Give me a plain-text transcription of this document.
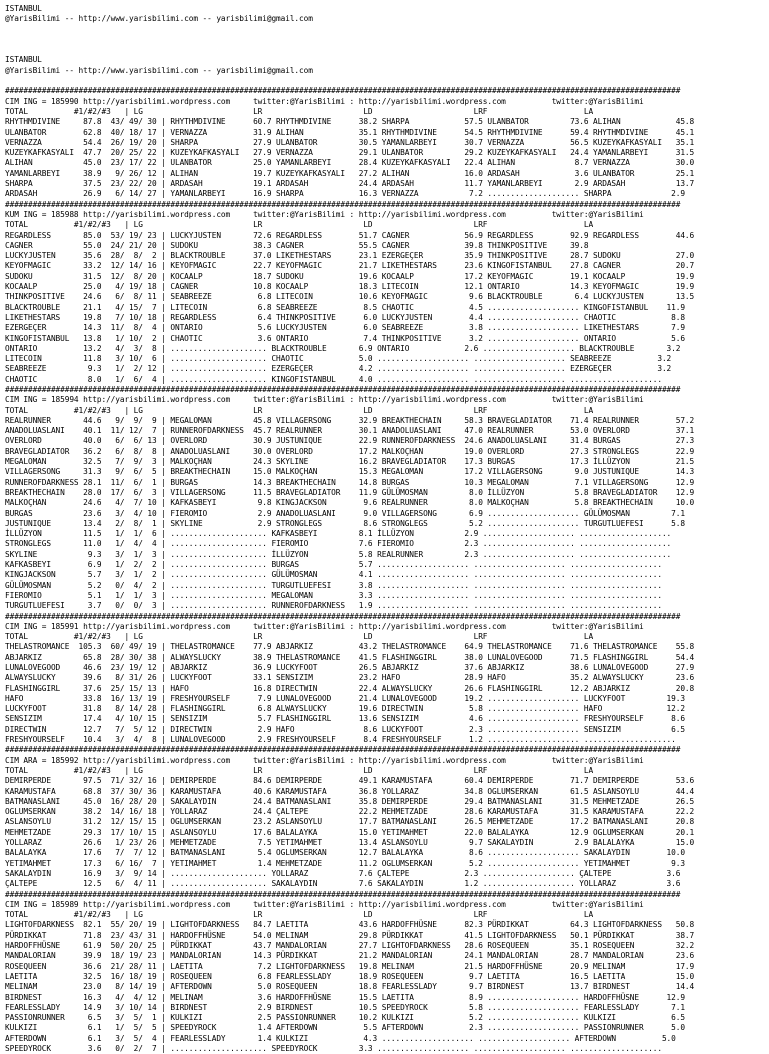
ISTANBUL
@YarisBilimi -- http://www.yarisbilimi.com -- yarisbilimi@gmail.com
ISTANBUL
@YarisBilimi -- http://www.yarisbilimi.com -- yarisbilimi@gmail.com
###################################################################################################################################################
CIM ING = 185990 http://yarisbilimi.wordpress.com     twitter:@YarisBilimi : http://yarisbilimi.wordpress.com          twitter:@YarisBilimi
TOTAL          #1/#2/#3   | LG                        LR                      LD                      LRF                     LA
RHYTHMDIVINE     87.8  43/ 49/ 30 | RHYTHMDIVINE      60.7 RHYTHMDIVINE      38.2 SHARPA            57.5 ULANBATOR         73.6 ALIHAN            45.8
ULANBATOR        62.8  40/ 18/ 17 | VERNAZZA          31.9 ALIHAN            35.1 RHYTHMDIVINE      54.5 RHYTHMDIVINE      59.4 RHYTHMDIVINE      45.1
VERNAZZA         54.4  26/ 19/ 20 | SHARPA            27.9 ULANBATOR         30.5 YAMANLARBEYI      30.7 VERNAZZA          56.5 KUZEYKAFKASYALI   35.1
KUZEYKAFKASYALI  47.7  20/ 25/ 22 | KUZEYKAFKASYALI   27.9 VERNAZZA          29.1 ULANBATOR         29.2 KUZEYKAFKASYALI   24.4 YAMANLARBEYI      31.5
ALIHAN           45.0  23/ 17/ 22 | ULANBATOR         25.0 YAMANLARBEYI      28.4 KUZEYKAFKASYALI   22.4 ALIHAN             8.7 VERNAZZA          30.0
YAMANLARBEYI     38.9   9/ 26/ 12 | ALIHAN            19.7 KUZEYKAFKASYALI   27.2 ALIHAN            16.0 ARDASAH            3.6 ULANBATOR         25.1
SHARPA           37.5  23/ 22/ 20 | ARDASAH           19.1 ARDASAH           24.4 ARDASAH           11.7 YAMANLARBEYI       2.9 ARDASAH           13.7
ARDASAH          26.9   6/ 14/ 27 | YAMANLARBEYI      16.9 SHARPA            16.3 VERNAZZA           7.2 .................... SHARPA             2.9
###################################################################################################################################################
KUM ING = 185988 http://yarisbilimi.wordpress.com     twitter:@YarisBilimi : http://yarisbilimi.wordpress.com          twitter:@YarisBilimi
TOTAL          #1/#2/#3   | LG                        LR                      LD                      LRF                     LA
REGARDLESS       85.0  53/ 19/ 23 | LUCKYJUSTEN       72.6 REGARDLESS        51.7 CAGNER            56.9 REGARDLESS        92.9 REGARDLESS        44.6
CAGNER           55.0  24/ 21/ 20 | SUDOKU            38.3 CAGNER            55.5 CAGNER            39.8 THINKPOSITIVE     39.8
LUCKYJUSTEN      35.6  28/  8/  2 | BLACKTROUBLE      37.0 LIKETHESTARS      23.1 EZERGEÇER         35.9 THINKPOSITIVE     28.7 SUDOKU            27.0
KEYOFMAGIC       33.2  12/ 14/ 16 | KEYOFMAGIC        22.7 KEYOFMAGIC        21.7 LIKETHESTARS      23.6 KINGOFISTANBUL    27.8 CAGNER            20.7
SUDOKU           31.5  12/  8/ 20 | KOCAALP           18.7 SUDOKU            19.6 KOCAALP           17.2 KEYOFMAGIC        19.1 KOCAALP           19.9
KOCAALP          25.0   4/ 19/ 18 | CAGNER            10.8 KOCAALP           18.3 LITECOIN          12.1 ONTARIO           14.3 KEYOFMAGIC        19.9
THINKPOSITIVE    24.6   6/  8/ 11 | SEABREEZE          6.8 LITECOIN          10.6 KEYOFMAGIC         9.6 BLACKTROUBLE       6.4 LUCKYJUSTEN       13.5
BLACKTROUBLE     21.1   4/ 15/  7 | LITECOIN           6.8 SEABREEZE          8.5 CHAOTIC            4.5 .................... KINGOFISTANBUL    11.9
LIKETHESTARS     19.8   7/ 10/ 18 | REGARDLESS         6.4 THINKPOSITIVE      6.0 LUCKYJUSTEN        4.4 .................... CHAOTIC            8.8
EZERGEÇER        14.3  11/  8/  4 | ONTARIO            5.6 LUCKYJUSTEN        6.0 SEABREEZE          3.8 .................... LIKETHESTARS       7.9
KINGOFISTANBUL   13.8   1/ 10/  2 | CHAOTIC            3.6 ONTARIO            7.4 THINKPOSITIVE      3.2 .................... ONTARIO            5.6
ONTARIO          13.2   4/  3/  8 | ..................... BLACKTROUBLE       6.9 ONTARIO            2.6 .................... BLACKTROUBLE       3.2
LITECOIN         11.8   3/ 10/  6 | ..................... CHAOTIC            5.0 .................... .................... SEABREEZE          3.2
SEABREEZE         9.3   1/  2/ 12 | ..................... EZERGEÇER          4.2 .................... .................... EZERGEÇER          3.2
CHAOTIC           8.0   1/  6/  4 | ..................... KINGOFISTANBUL     4.0 .................... .................... ....................
###################################################################################################################################################
CIM ING = 185994 http://yarisbilimi.wordpress.com     twitter:@YarisBilimi : http://yarisbilimi.wordpress.com          twitter:@YarisBilimi
TOTAL          #1/#2/#3   | LG                        LR                      LD                      LRF                     LA
REALRUNNER       44.6   9/  9/  9 | MEGALOMAN         45.8 VILLAGERSONG      32.9 BREAKTHECHAIN     58.3 BRAVEGLADIATOR    71.4 REALRUNNER        57.2
ANADOLUASLANI    40.1  11/ 12/  7 | RUNNEROFDARKNESS  45.7 REALRUNNER        30.1 ANADOLUASLANI     47.0 REALRUNNER        53.0 OVERLORD          37.1
OVERLORD         40.0   6/  6/ 13 | OVERLORD          30.9 JUSTUNIQUE        22.9 RUNNEROFDARKNESS  24.6 ANADOLUASLANI     31.4 BURGAS            27.3
BRAVEGLADIATOR   36.2   6/  8/  8 | ANADOLUASLANI     30.0 OVERLORD          17.2 MALKOÇHAN         19.0 OVERLORD          27.3 STRONGLEGS        22.9
MEGALOMAN        32.5   7/  9/  3 | MALKOÇHAN         24.3 SKYLINE           16.2 BRAVEGLADIATOR    17.3 BURGAS            17.3 İLLÜZYON          21.5
VILLAGERSONG     31.3   9/  6/  5 | BREAKTHECHAIN     15.0 MALKOÇHAN         15.3 MEGALOMAN         17.2 VILLAGERSONG       9.0 JUSTUNIQUE        14.3
RUNNEROFDARKNESS 28.1  11/  6/  1 | BURGAS            14.3 BREAKTHECHAIN     14.8 BURGAS            10.3 MEGALOMAN          7.1 VILLAGERSONG      12.9
BREAKTHECHAIN    28.0  17/  6/  3 | VILLAGERSONG      11.5 BRAVEGLADIATOR    11.9 GÜLÜMOSMAN         8.0 İLLÜZYON           5.8 BRAVEGLADIATOR    12.9
MALKOÇHAN        24.6   4/  7/ 10 | KAFKASBEYI         9.8 KINGJACKSON        9.6 REALRUNNER         8.0 MALKOÇHAN          5.8 BREAKTHECHAIN     10.0
BURGAS           23.6   3/  4/ 10 | FIEROMIO           2.9 ANADOLUASLANI      9.0 VILLAGERSONG       6.9 .................... GÜLÜMOSMAN         7.1
JUSTUNIQUE       13.4   2/  8/  1 | SKYLINE            2.9 STRONGLEGS         8.6 STRONGLEGS         5.2 .................... TURGUTLUEFESI      5.8
İLLÜZYON         11.5   1/  1/  6 | ..................... KAFKASBEYI         8.1 İLLÜZYON           2.9 .................... ....................
STRONGLEGS       11.0   1/  4/  4 | ..................... FIEROMIO           7.6 FIEROMIO           2.3 .................... ....................
SKYLINE           9.3   3/  1/  3 | ..................... İLLÜZYON           5.8 REALRUNNER         2.3 .................... ....................
KAFKASBEYI        6.9   1/  2/  2 | ..................... BURGAS             5.7 .................... .................... ....................
KINGJACKSON       5.7   3/  1/  2 | ..................... GÜLÜMOSMAN         4.1 .................... .................... ....................
GÜLÜMOSMAN        5.2   0/  4/  2 | ..................... TURGUTLUEFESI      3.8 .................... .................... ....................
FIEROMIO          5.1   1/  1/  3 | ..................... MEGALOMAN          3.3 .................... .................... ....................
TURGUTLUEFESI     3.7   0/  0/  3 | ..................... RUNNEROFDARKNESS   1.9 .................... .................... ....................
###################################################################################################################################################
CIM ING = 185991 http://yarisbilimi.wordpress.com     twitter:@YarisBilimi : http://yarisbilimi.wordpress.com          twitter:@YarisBilimi
TOTAL          #1/#2/#3   | LG                        LR                      LD                      LRF                     LA
THELASTROMANCE  105.3  60/ 49/ 19 | THELASTROMANCE    77.9 ABJARKIZ          43.2 THELASTROMANCE    64.9 THELASTROMANCE    71.6 THELASTROMANCE    55.8
ABJARKIZ         65.8  28/ 30/ 38 | ALWAYSLUCKY       38.9 THELASTROMANCE    41.5 FLASHINGGIRL      38.0 LUNALOVEGOOD      71.5 FLASHINGGIRL      54.4
LUNALOVEGOOD     46.6  23/ 19/ 12 | ABJARKIZ          36.9 LUCKYFOOT         26.5 ABJARKIZ          37.6 ABJARKIZ          38.6 LUNALOVEGOOD      27.9
ALWAYSLUCKY      39.6   8/ 31/ 26 | LUCKYFOOT         33.1 SENSIZIM          23.2 HAFO              28.9 HAFO              35.2 ALWAYSLUCKY       23.6
FLASHINGGIRL     37.6  25/ 15/ 13 | HAFO              16.8 DIRECTWIN         22.4 ALWAYSLUCKY       26.6 FLASHINGGIRL      12.2 ABJARKIZ          20.8
HAFO             33.8  16/ 13/ 19 | FRESHYOURSELF      7.9 LUNALOVEGOOD      21.4 LUNALOVEGOOD      19.2 .................... LUCKYFOOT         19.3
LUCKYFOOT        31.8   8/ 14/ 28 | FLASHINGGIRL       6.8 ALWAYSLUCKY       19.6 DIRECTWIN          5.8 .................... HAFO              12.2
SENSIZIM         17.4   4/ 10/ 15 | SENSIZIM           5.7 FLASHINGGIRL      13.6 SENSIZIM           4.6 .................... FRESHYOURSELF      8.6
DIRECTWIN        12.7   7/  5/ 12 | DIRECTWIN          2.9 HAFO               8.6 LUCKYFOOT          2.3 .................... SENSIZIM           6.5
FRESHYOURSELF    10.4   3/  4/  8 | LUNALOVEGOOD       2.9 FRESHYOURSELF      8.4 FRESHYOURSELF      1.2 .................... ....................
###################################################################################################################################################
CIM ARA = 185992 http://yarisbilimi.wordpress.com     twitter:@YarisBilimi : http://yarisbilimi.wordpress.com          twitter:@YarisBilimi
TOTAL          #1/#2/#3   | LG                        LR                      LD                      LRF                     LA
DEMIRPERDE       97.5  71/ 32/ 16 | DEMIRPERDE        84.6 DEMIRPERDE        49.1 KARAMUSTAFA       60.4 DEMIRPERDE        71.7 DEMIRPERDE        53.6
KARAMUSTAFA      68.8  37/ 30/ 36 | KARAMUSTAFA       40.6 KARAMUSTAFA       36.8 YOLLARAZ          34.8 OGLUMSERKAN       61.5 ASLANSOYLU        44.4
BATMANASLANI     45.0  16/ 28/ 20 | SAKALAYDIN        24.4 BATMANASLANI      35.8 DEMIRPERDE        29.4 BATMANASLANI      31.5 MEHMETZADE        26.5
OGLUMSERKAN      38.2  14/ 16/ 18 | YOLLARAZ          24.4 ÇALTEPE           22.2 MEHMETZADE        28.6 KARAMUSTAFA       31.5 KARAMUSTAFA       22.2
ASLANSOYLU       31.2  12/ 15/ 15 | OGLUMSERKAN       23.2 ASLANSOYLU        17.7 BATMANASLANI      26.5 MEHMETZADE        17.2 BATMANASLANI      20.8
MEHMETZADE       29.3  17/ 10/ 15 | ASLANSOYLU        17.6 BALALAYKA         15.0 YETIMAHMET        22.0 BALALAYKA         12.9 OGLUMSERKAN       20.1
YOLLARAZ         26.6   1/ 23/ 26 | MEHMETZADE         7.5 YETIMAHMET        13.4 ASLANSOYLU         9.7 SAKALAYDIN         2.9 BALALAYKA         15.0
BALALAYKA        17.6   7/  7/ 12 | BATMANASLANI       5.4 OGLUMSERKAN       12.7 BALALAYKA          8.6 .................... SAKALAYDIN        10.0
YETIMAHMET       17.3   6/ 16/  7 | YETIMAHMET         1.4 MEHMETZADE        11.2 OGLUMSERKAN        5.2 .................... YETIMAHMET         9.3
SAKALAYDIN       16.9   3/  9/ 14 | ..................... YOLLARAZ           7.6 ÇALTEPE            2.3 .................... ÇALTEPE            3.6
ÇALTEPE          12.5   6/  4/ 11 | ..................... SAKALAYDIN         7.6 SAKALAYDIN         1.2 .................... YOLLARAZ           3.6
###################################################################################################################################################
CIM ING = 185989 http://yarisbilimi.wordpress.com     twitter:@YarisBilimi : http://yarisbilimi.wordpress.com          twitter:@YarisBilimi
TOTAL          #1/#2/#3   | LG                        LR                      LD                      LRF                     LA
LIGHTOFDARKNESS  82.1  55/ 20/ 19 | LIGHTOFDARKNESS   84.7 LAETITA           43.6 HARDOFFHÜSNE      82.3 PÜRDIKKAT         64.3 LIGHTOFDARKNESS   50.8
PÜRDIKKAT        71.8  23/ 43/ 31 | HARDOFFHÜSNE      54.0 MELINAM           29.8 PÜRDIKKAT         41.5 LIGHTOFDARKNESS   50.1 PÜRDIKKAT         38.7
HARDOFFHÜSNE     61.9  50/ 20/ 25 | PÜRDIKKAT         43.7 MANDALORIAN       27.7 LIGHTOFDARKNESS   28.6 ROSEQUEEN         35.1 ROSEQUEEN         32.2
MANDALORIAN      39.9  18/ 19/ 23 | MANDALORIAN       14.3 PÜRDIKKAT         21.2 MANDALORIAN       24.1 MANDALORIAN       28.7 MANDALORIAN       23.6
ROSEQUEEN        36.6  21/ 28/ 11 | LAETITA            7.2 LIGHTOFDARKNESS   19.8 MELINAM           21.5 HARDOFFHÜSNE      20.9 MELINAM           17.9
LAETITA          32.5  16/ 18/ 19 | ROSEQUEEN          6.8 FEARLESSLADY      18.9 ROSEQUEEN          9.7 LAETITA           16.5 LAETITA           15.0
MELINAM          23.0   8/ 14/ 19 | AFTERDOWN          5.0 ROSEQUEEN         18.8 FEARLESSLADY       9.7 BIRDNEST          13.7 BIRDNEST          14.4
BIRDNEST         16.3   4/  4/ 12 | MELINAM            3.6 HARDOFFHÜSNE      15.5 LAETITA            8.9 .................... HARDOFFHÜSNE      12.9
FEARLESSLADY     14.9   3/ 10/ 14 | BIRDNEST           2.9 BIRDNEST          10.5 SPEEDYROCK         5.8 .................... FEARLESSLADY       7.1
PASSIONRUNNER     6.5   3/  5/  1 | KULKIZI            2.5 PASSIONRUNNER     10.2 KULKIZI            5.2 .................... KULKIZI            6.5
KULKIZI           6.1   1/  5/  5 | SPEEDYROCK         1.4 AFTERDOWN          5.5 AFTERDOWN          2.3 .................... PASSIONRUNNER      5.0
AFTERDOWN         6.1   3/  5/  4 | FEARLESSLADY       1.4 KULKIZI            4.3 .................... .................... AFTERDOWN          5.0
SPEEDYROCK        3.6   0/  2/  7 | ..................... SPEEDYROCK         3.3 .................... .................... ....................
